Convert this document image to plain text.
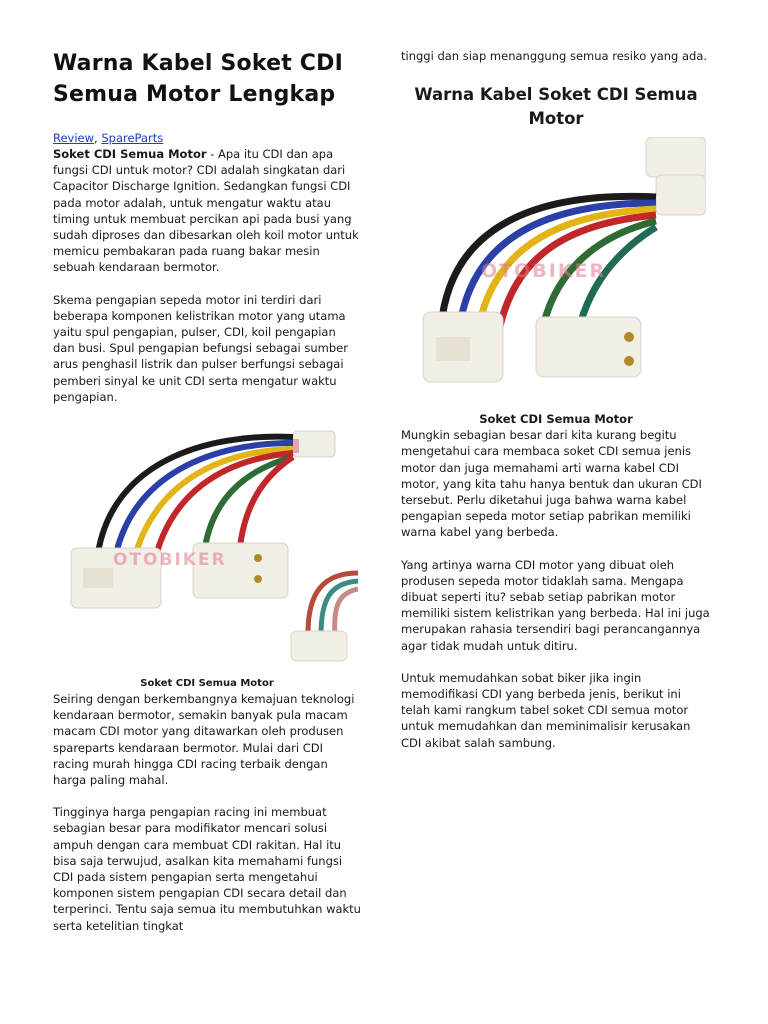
Warna Kabel Soket CDI
Semua Motor Lengkap
Review, SpareParts

Soket CDI Semua Motor - Apa itu CDI dan apa fungsi CDI untuk motor? CDI adalah singkatan dari Capacitor Discharge Ignition. Sedangkan fungsi CDI pada motor adalah, untuk mengatur waktu atau timing untuk membuat percikan api pada busi yang sudah diproses dan dibesarkan oleh koil motor untuk memicu pembakaran pada ruang bakar mesin sebuah kendaraan bermotor.

Skema pengapian sepeda motor ini terdiri dari beberapa komponen kelistrikan motor yang utama yaitu spul pengapian, pulser, CDI, koil pengapian dan busi. Spul pengapian befungsi sebagai sumber arus penghasil listrik dan pulser berfungsi sebagai pemberi sinyal ke unit CDI serta mengatur waktu pengapian.

OTOBIKER
Soket CDI Semua Motor

Seiring dengan berkembangnya kemajuan teknologi kendaraan bermotor, semakin banyak pula macam macam CDI motor yang ditawarkan oleh produsen spareparts kendaraan bermotor. Mulai dari CDI racing murah hingga CDI racing terbaik dengan harga paling mahal.

Tingginya harga pengapian racing ini membuat sebagian besar para modifikator mencari solusi ampuh dengan cara membuat CDI rakitan. Hal itu bisa saja terwujud, asalkan kita memahami fungsi CDI pada sistem pengapian serta mengetahui komponen sistem pengapian CDI secara detail dan terperinci. Tentu saja semua itu membutuhkan waktu serta ketelitian tingkat

tinggi dan siap menanggung semua resiko yang ada.

Warna Kabel Soket CDI Semua Motor
OTOBIKER
Soket CDI Semua Motor

Mungkin sebagian besar dari kita kurang begitu mengetahui cara membaca soket CDI semua jenis motor dan juga memahami arti warna kabel CDI motor, yang kita tahu hanya bentuk dan ukuran CDI tersebut. Perlu diketahui juga bahwa warna kabel pengapian sepeda motor setiap pabrikan memiliki warna kabel yang berbeda.

Yang artinya warna CDI motor yang dibuat oleh produsen sepeda motor tidaklah sama. Mengapa dibuat seperti itu? sebab setiap pabrikan motor memiliki sistem kelistrikan yang berbeda. Hal ini juga merupakan rahasia tersendiri bagi perancangannya agar tidak mudah untuk ditiru.

Untuk memudahkan sobat biker jika ingin memodifikasi CDI yang berbeda jenis, berikut ini telah kami rangkum tabel soket CDI semua motor untuk memudahkan dan meminimalisir kerusakan CDI akibat salah sambung.
